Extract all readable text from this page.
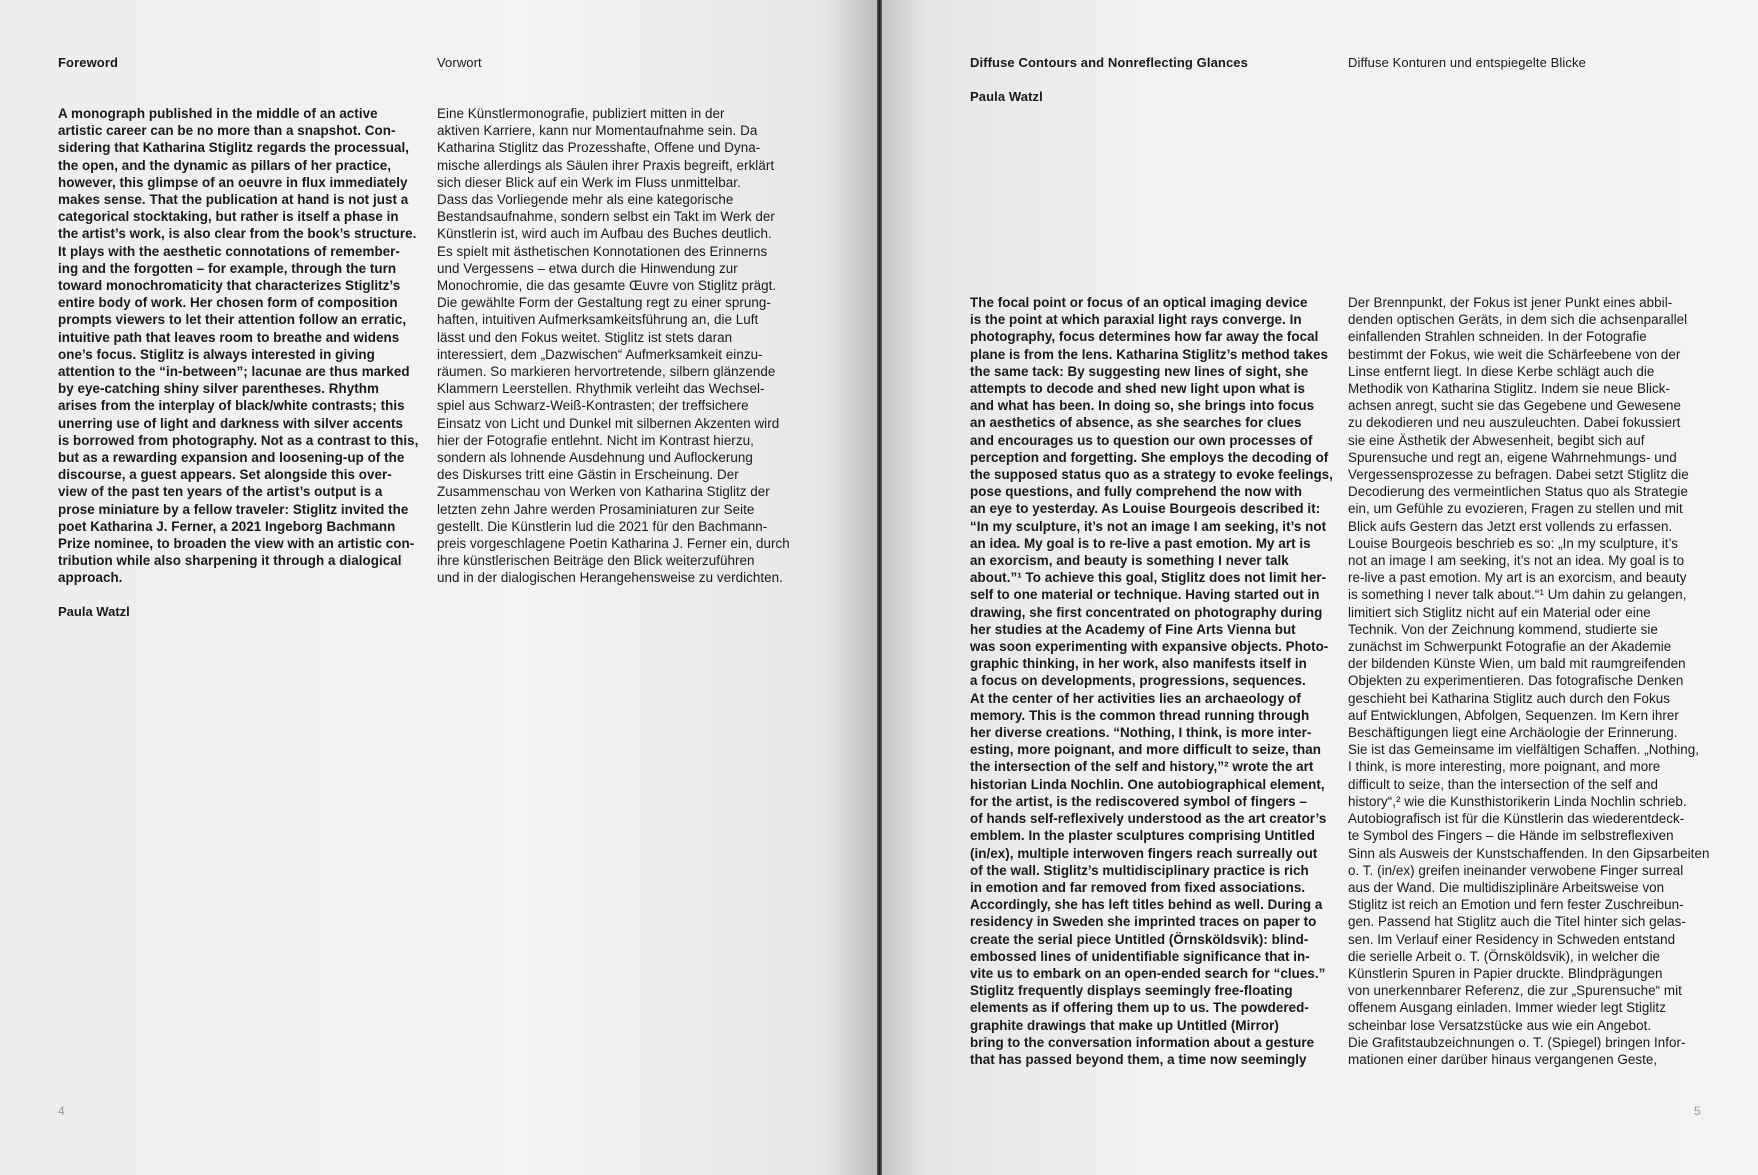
Foreword	Vorwort
A monograph published in the middle of an active
artistic career can be no more than a snapshot. Con-
sidering that Katharina Stiglitz regards the processual,
the open, and the dynamic as pillars of her practice,
however, this glimpse of an oeuvre in flux immediately
makes sense. That the publication at hand is not just a
categorical stocktaking, but rather is itself a phase in
the artist’s work, is also clear from the book’s structure.
It plays with the aesthetic connotations of remember-
ing and the forgotten – for example, through the turn
toward monochromaticity that characterizes Stiglitz’s
entire body of work. Her chosen form of composition
prompts viewers to let their attention follow an erratic,
intuitive path that leaves room to breathe and widens
one’s focus. Stiglitz is always interested in giving
attention to the “in-between”; lacunae are thus marked
by eye-catching shiny silver parentheses. Rhythm
arises from the interplay of black/white contrasts; this
unerring use of light and darkness with silver accents
is borrowed from photography. Not as a contrast to this,
but as a rewarding expansion and loosening-up of the
discourse, a guest appears. Set alongside this over-
view of the past ten years of the artist’s output is a
prose miniature by a fellow traveler: Stiglitz invited the
poet Katharina J. Ferner, a 2021 Ingeborg Bachmann
Prize nominee, to broaden the view with an artistic con-
tribution while also sharpening it through a dialogical
approach.
Eine Künstlermonografie, publiziert mitten in der
aktiven Karriere, kann nur Momentaufnahme sein. Da
Katharina Stiglitz das Prozesshafte, Offene und Dyna-
mische allerdings als Säulen ihrer Praxis begreift, erklärt
sich dieser Blick auf ein Werk im Fluss unmittelbar.
Dass das Vorliegende mehr als eine kategorische
Bestandsaufnahme, sondern selbst ein Takt im Werk der
Künstlerin ist, wird auch im Aufbau des Buches deutlich.
Es spielt mit ästhetischen Konnotationen des Erinnerns
und Vergessens – etwa durch die Hinwendung zur
Monochromie, die das gesamte Œuvre von Stiglitz prägt.
Die gewählte Form der Gestaltung regt zu einer sprung-
haften, intuitiven Aufmerksamkeitsführung an, die Luft
lässt und den Fokus weitet. Stiglitz ist stets daran
interessiert, dem „Dazwischen“ Aufmerksamkeit einzu-
räumen. So markieren hervortretende, silbern glänzende
Klammern Leerstellen. Rhythmik verleiht das Wechsel-
spiel aus Schwarz-Weiß-Kontrasten; der treffsichere
Einsatz von Licht und Dunkel mit silbernen Akzenten wird
hier der Fotografie entlehnt. Nicht im Kontrast hierzu,
sondern als lohnende Ausdehnung und Auflockerung
des Diskurses tritt eine Gästin in Erscheinung. Der
Zusammenschau von Werken von Katharina Stiglitz der
letzten zehn Jahre werden Prosaminiaturen zur Seite
gestellt. Die Künstlerin lud die 2021 für den Bachmann-
preis vorgeschlagene Poetin Katharina J. Ferner ein, durch
ihre künstlerischen Beiträge den Blick weiterzuführen
und in der dialogischen Herangehensweise zu verdichten.
Paula Watzl
4
Diffuse Contours and Nonreflecting Glances	Diffuse Konturen und entspiegelte Blicke
Paula Watzl
The focal point or focus of an optical imaging device
is the point at which paraxial light rays converge. In
photography, focus determines how far away the focal
plane is from the lens. Katharina Stiglitz’s method takes
the same tack: By suggesting new lines of sight, she
attempts to decode and shed new light upon what is
and what has been. In doing so, she brings into focus
an aesthetics of absence, as she searches for clues
and encourages us to question our own processes of
perception and forgetting. She employs the decoding of
the supposed status quo as a strategy to evoke feelings,
pose questions, and fully comprehend the now with
an eye to yesterday. As Louise Bourgeois described it:
“In my sculpture, it’s not an image I am seeking, it’s not
an idea. My goal is to re-live a past emotion. My art is
an exorcism, and beauty is something I never talk
about.”¹ To achieve this goal, Stiglitz does not limit her-
self to one material or technique. Having started out in
drawing, she first concentrated on photography during
her studies at the Academy of Fine Arts Vienna but
was soon experimenting with expansive objects. Photo-
graphic thinking, in her work, also manifests itself in
a focus on developments, progressions, sequences.
At the center of her activities lies an archaeology of
memory. This is the common thread running through
her diverse creations. “Nothing, I think, is more inter-
esting, more poignant, and more difficult to seize, than
the intersection of the self and history,”² wrote the art
historian Linda Nochlin. One autobiographical element,
for the artist, is the rediscovered symbol of fingers –
of hands self-reflexively understood as the art creator’s
emblem. In the plaster sculptures comprising Untitled
(in/ex), multiple interwoven fingers reach surreally out
of the wall. Stiglitz’s multidisciplinary practice is rich
in emotion and far removed from fixed associations.
Accordingly, she has left titles behind as well. During a
residency in Sweden she imprinted traces on paper to
create the serial piece Untitled (Örnsköldsvik): blind-
embossed lines of unidentifiable significance that in-
vite us to embark on an open-ended search for “clues.”
Stiglitz frequently displays seemingly free-floating
elements as if offering them up to us. The powdered-
graphite drawings that make up Untitled (Mirror)
bring to the conversation information about a gesture
that has passed beyond them, a time now seemingly
Der Brennpunkt, der Fokus ist jener Punkt eines abbil-
denden optischen Geräts, in dem sich die achsenparallel
einfallenden Strahlen schneiden. In der Fotografie
bestimmt der Fokus, wie weit die Schärfeebene von der
Linse entfernt liegt. In diese Kerbe schlägt auch die
Methodik von Katharina Stiglitz. Indem sie neue Blick-
achsen anregt, sucht sie das Gegebene und Gewesene
zu dekodieren und neu auszuleuchten. Dabei fokussiert
sie eine Ästhetik der Abwesenheit, begibt sich auf
Spurensuche und regt an, eigene Wahrnehmungs- und
Vergessensprozesse zu befragen. Dabei setzt Stiglitz die
Decodierung des vermeintlichen Status quo als Strategie
ein, um Gefühle zu evozieren, Fragen zu stellen und mit
Blick aufs Gestern das Jetzt erst vollends zu erfassen.
Louise Bourgeois beschrieb es so: „In my sculpture, it’s
not an image I am seeking, it’s not an idea. My goal is to
re-live a past emotion. My art is an exorcism, and beauty
is something I never talk about.“¹ Um dahin zu gelangen,
limitiert sich Stiglitz nicht auf ein Material oder eine
Technik. Von der Zeichnung kommend, studierte sie
zunächst im Schwerpunkt Fotografie an der Akademie
der bildenden Künste Wien, um bald mit raumgreifenden
Objekten zu experimentieren. Das fotografische Denken
geschieht bei Katharina Stiglitz auch durch den Fokus
auf Entwicklungen, Abfolgen, Sequenzen. Im Kern ihrer
Beschäftigungen liegt eine Archäologie der Erinnerung.
Sie ist das Gemeinsame im vielfältigen Schaffen. „Nothing,
I think, is more interesting, more poignant, and more
difficult to seize, than the intersection of the self and
history“,² wie die Kunsthistorikerin Linda Nochlin schrieb.
Autobiografisch ist für die Künstlerin das wiederentdeck-
te Symbol des Fingers – die Hände im selbstreflexiven
Sinn als Ausweis der Kunstschaffenden. In den Gipsarbeiten
o. T. (in/ex) greifen ineinander verwobene Finger surreal
aus der Wand. Die multidisziplinäre Arbeitsweise von
Stiglitz ist reich an Emotion und fern fester Zuschreibun-
gen. Passend hat Stiglitz auch die Titel hinter sich gelas-
sen. Im Verlauf einer Residency in Schweden entstand
die serielle Arbeit o. T. (Örnsköldsvik), in welcher die
Künstlerin Spuren in Papier druckte. Blindprägungen
von unerkennbarer Referenz, die zur „Spurensuche“ mit
offenem Ausgang einladen. Immer wieder legt Stiglitz
scheinbar lose Versatzstücke aus wie ein Angebot.
Die Grafitstaubzeichnungen o. T. (Spiegel) bringen Infor-
mationen einer darüber hinaus vergangenen Geste,
5
